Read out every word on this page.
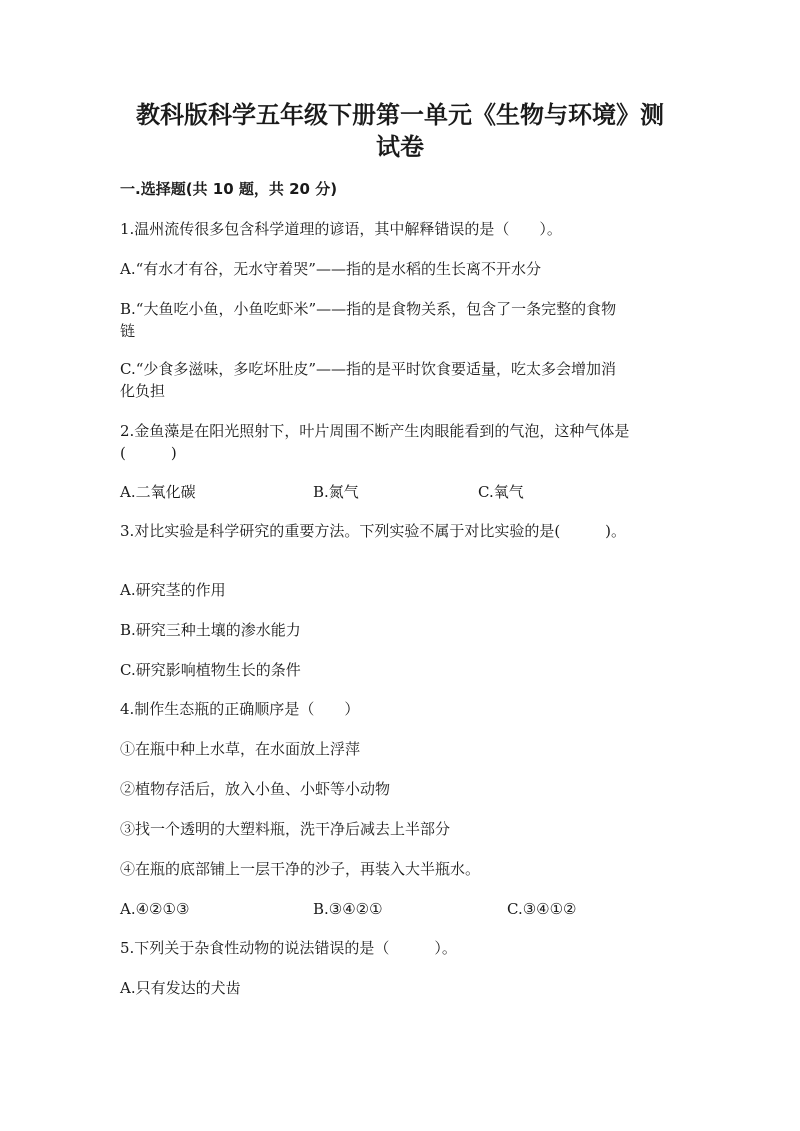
教科版科学五年级下册第一单元《生物与环境》测
试卷

一.选择题(共 10 题，共 20 分)

1.温州流传很多包含科学道理的谚语，其中解释错误的是（　　）。

A.“有水才有谷，无水守着哭”——指的是水稻的生长离不开水分

B.“大鱼吃小鱼，小鱼吃虾米”——指的是食物关系，包含了一条完整的食物

链

C.“少食多滋味，多吃坏肚皮”——指的是平时饮食要适量，吃太多会增加消

化负担

2.金鱼藻是在阳光照射下，叶片周围不断产生肉眼能看到的气泡，这种气体是

(　　　)

A.二氧化碳	B.氮气	C.氧气

3.对比实验是科学研究的重要方法。下列实验不属于对比实验的是(　　　)。

A.研究茎的作用

B.研究三种土壤的渗水能力

C.研究影响植物生长的条件

4.制作生态瓶的正确顺序是（　　）

①在瓶中种上水草，在水面放上浮萍

②植物存活后，放入小鱼、小虾等小动物

③找一个透明的大塑料瓶，洗干净后减去上半部分

④在瓶的底部铺上一层干净的沙子，再装入大半瓶水。

A.④②①③	B.③④②①	C.③④①②

5.下列关于杂食性动物的说法错误的是（　　　）。

A.只有发达的犬齿
